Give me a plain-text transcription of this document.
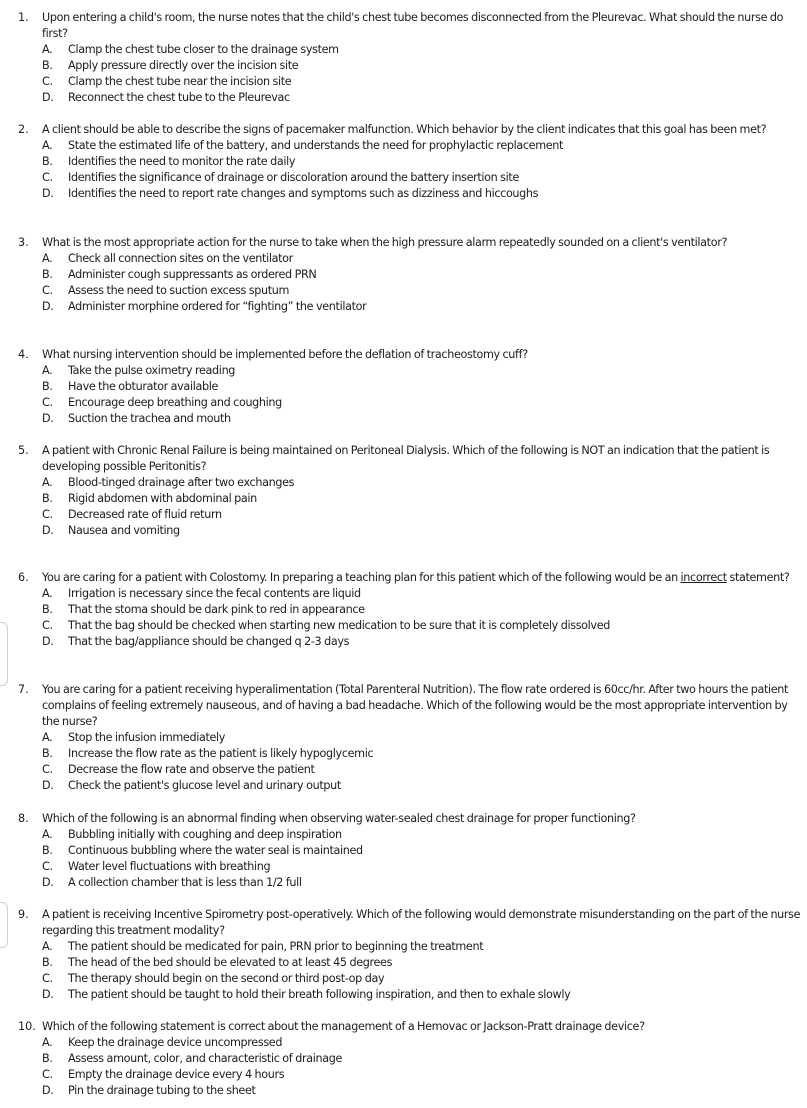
1.	Upon entering a child's room, the nurse notes that the child's chest tube becomes disconnected from the Pleurevac. What should the nurse do first?
A.	Clamp the chest tube closer to the drainage system
B.	Apply pressure directly over the incision site
C.	Clamp the chest tube near the incision site
D.	Reconnect the chest tube to the Pleurevac
2.	A client should be able to describe the signs of pacemaker malfunction. Which behavior by the client indicates that this goal has been met?
A.	State the estimated life of the battery, and understands the need for prophylactic replacement
B.	Identifies the need to monitor the rate daily
C.	Identifies the significance of drainage or discoloration around the battery insertion site
D.	Identifies the need to report rate changes and symptoms such as dizziness and hiccoughs
3.	What is the most appropriate action for the nurse to take when the high pressure alarm repeatedly sounded on a client's ventilator?
A.	Check all connection sites on the ventilator
B.	Administer cough suppressants as ordered PRN
C.	Assess the need to suction excess sputum
D.	Administer morphine ordered for “fighting” the ventilator
4.	What nursing intervention should be implemented before the deflation of tracheostomy cuff?
A.	Take the pulse oximetry reading
B.	Have the obturator available
C.	Encourage deep breathing and coughing
D.	Suction the trachea and mouth
5.	A patient with Chronic Renal Failure is being maintained on Peritoneal Dialysis. Which of the following is NOT an indication that the patient is developing possible Peritonitis?
A.	Blood-tinged drainage after two exchanges
B.	Rigid abdomen with abdominal pain
C.	Decreased rate of fluid return
D.	Nausea and vomiting
6.	You are caring for a patient with Colostomy. In preparing a teaching plan for this patient which of the following would be an incorrect statement?
A.	Irrigation is necessary since the fecal contents are liquid
B.	That the stoma should be dark pink to red in appearance
C.	That the bag should be checked when starting new medication to be sure that it is completely dissolved
D.	That the bag/appliance should be changed q 2-3 days
7.	You are caring for a patient receiving hyperalimentation (Total Parenteral Nutrition). The flow rate ordered is 60cc/hr. After two hours the patient complains of feeling extremely nauseous, and of having a bad headache. Which of the following would be the most appropriate intervention by the nurse?
A.	Stop the infusion immediately
B.	Increase the flow rate as the patient is likely hypoglycemic
C.	Decrease the flow rate and observe the patient
D.	Check the patient's glucose level and urinary output
8.	Which of the following is an abnormal finding when observing water-sealed chest drainage for proper functioning?
A.	Bubbling initially with coughing and deep inspiration
B.	Continuous bubbling where the water seal is maintained
C.	Water level fluctuations with breathing
D.	A collection chamber that is less than 1/2 full
9.	A patient is receiving Incentive Spirometry post-operatively. Which of the following would demonstrate misunderstanding on the part of the nurse regarding this treatment modality?
A.	The patient should be medicated for pain, PRN prior to beginning the treatment
B.	The head of the bed should be elevated to at least 45 degrees
C.	The therapy should begin on the second or third post-op day
D.	The patient should be taught to hold their breath following inspiration, and then to exhale slowly
10. Which of the following statement is correct about the management of a Hemovac or Jackson-Pratt drainage device?
A.	Keep the drainage device uncompressed
B.	Assess amount, color, and characteristic of drainage
C.	Empty the drainage device every 4 hours
D.	Pin the drainage tubing to the sheet
